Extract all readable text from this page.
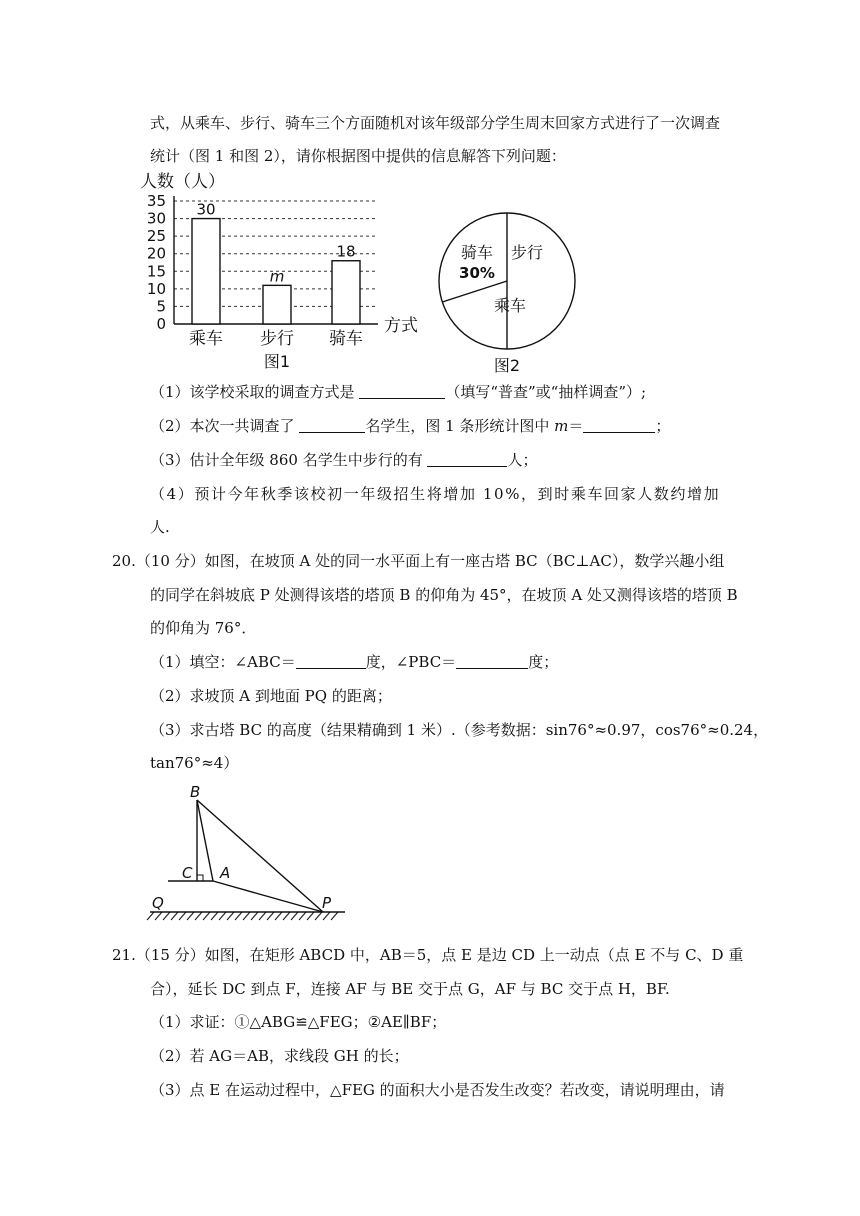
式，从乘车、步行、骑车三个方面随机对该年级部分学生周末回家方式进行了一次调查
统计（图 1 和图 2），请你根据图中提供的信息解答下列问题：
0
5
10
15
20
25
30
35
人数（人）
方式
30
乘车
m
步行
18
骑车
图1
骑车
30%
步行
乘车
图2
（1）该学校采取的调查方式是	（填写“普查”或“抽样调查”）;
（2）本次一共调查了	名学生，图 1 条形统计图中 m＝	；
（3）估计全年级 860 名学生中步行的有	人；
（4）预计今年秋季该校初一年级招生将增加 10%，到时乘车回家人数约增加
人.
20.（10 分）如图，在坡顶 A 处的同一水平面上有一座古塔 BC（BC⊥AC），数学兴趣小组
的同学在斜坡底 P 处测得该塔的塔顶 B 的仰角为 45°，在坡顶 A 处又测得该塔的塔顶 B
的仰角为 76°．
（1）填空：∠ABC＝	度，∠PBC＝	度；
（2）求坡顶 A 到地面 PQ 的距离；
（3）求古塔 BC 的高度（结果精确到 1 米）.（参考数据：sin76°≈0.97，cos76°≈0.24，
tan76°≈4）
B
C A
Q	P
21.（15 分）如图，在矩形 ABCD 中，AB＝5，点 E 是边 CD 上一动点（点 E 不与 C、D 重
合），延长 DC 到点 F，连接 AF 与 BE 交于点 G，AF 与 BC 交于点 H，BF.
（1）求证：①△ABG≌△FEG；②AE∥BF；
（2）若 AG＝AB，求线段 GH 的长；
（3）点 E 在运动过程中，△FEG 的面积大小是否发生改变？若改变，请说明理由，请
